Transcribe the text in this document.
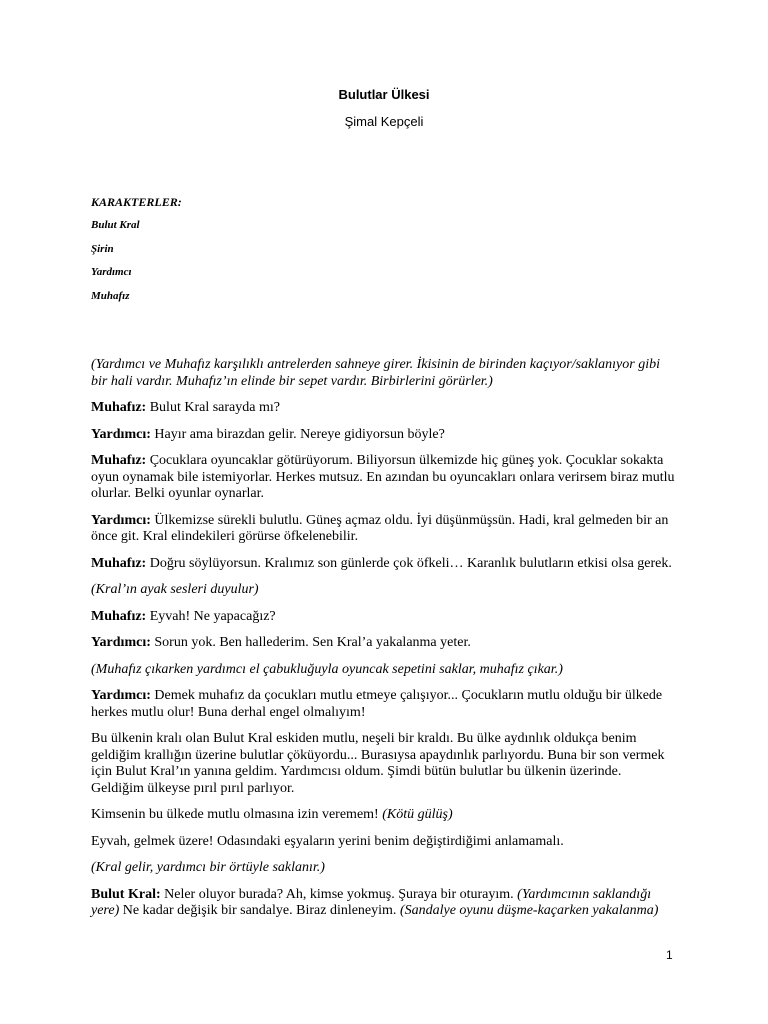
Bulutlar Ülkesi
Şimal Kepçeli
KARAKTERLER:
Bulut Kral
Şirin
Yardımcı
Muhafız

(Yardımcı ve Muhafız karşılıklı antrelerden sahneye girer. İkisinin de birinden kaçıyor/saklanıyor gibi bir hali vardır. Muhafız’ın elinde bir sepet vardır. Birbirlerini görürler.)

Muhafız: Bulut Kral sarayda mı?

Yardımcı: Hayır ama birazdan gelir. Nereye gidiyorsun böyle?

Muhafız: Çocuklara oyuncaklar götürüyorum. Biliyorsun ülkemizde hiç güneş yok. Çocuklar sokakta oyun oynamak bile istemiyorlar. Herkes mutsuz. En azından bu oyuncakları onlara verirsem biraz mutlu olurlar. Belki oyunlar oynarlar.

Yardımcı: Ülkemizse sürekli bulutlu. Güneş açmaz oldu. İyi düşünmüşsün. Hadi, kral gelmeden bir an önce git. Kral elindekileri görürse öfkelenebilir.

Muhafız: Doğru söylüyorsun. Kralımız son günlerde çok öfkeli… Karanlık bulutların etkisi olsa gerek.

(Kral’ın ayak sesleri duyulur)

Muhafız: Eyvah! Ne yapacağız?

Yardımcı: Sorun yok. Ben hallederim. Sen Kral’a yakalanma yeter.

(Muhafız çıkarken yardımcı el çabukluğuyla oyuncak sepetini saklar, muhafız çıkar.)

Yardımcı: Demek muhafız da çocukları mutlu etmeye çalışıyor... Çocukların mutlu olduğu bir ülkede herkes mutlu olur! Buna derhal engel olmalıyım!

Bu ülkenin kralı olan Bulut Kral eskiden mutlu, neşeli bir kraldı. Bu ülke aydınlık oldukça benim geldiğim krallığın üzerine bulutlar çöküyordu... Burasıysa apaydınlık parlıyordu. Buna bir son vermek için Bulut Kral’ın yanına geldim. Yardımcısı oldum. Şimdi bütün bulutlar bu ülkenin üzerinde. Geldiğim ülkeyse pırıl pırıl parlıyor.

Kimsenin bu ülkede mutlu olmasına izin veremem! (Kötü gülüş)

Eyvah, gelmek üzere! Odasındaki eşyaların yerini benim değiştirdiğimi anlamamalı.

(Kral gelir, yardımcı bir örtüyle saklanır.)

Bulut Kral: Neler oluyor burada? Ah, kimse yokmuş. Şuraya bir oturayım. (Yardımcının saklandığı yere) Ne kadar değişik bir sandalye. Biraz dinleneyim. (Sandalye oyunu düşme-kaçarken yakalanma)

1
